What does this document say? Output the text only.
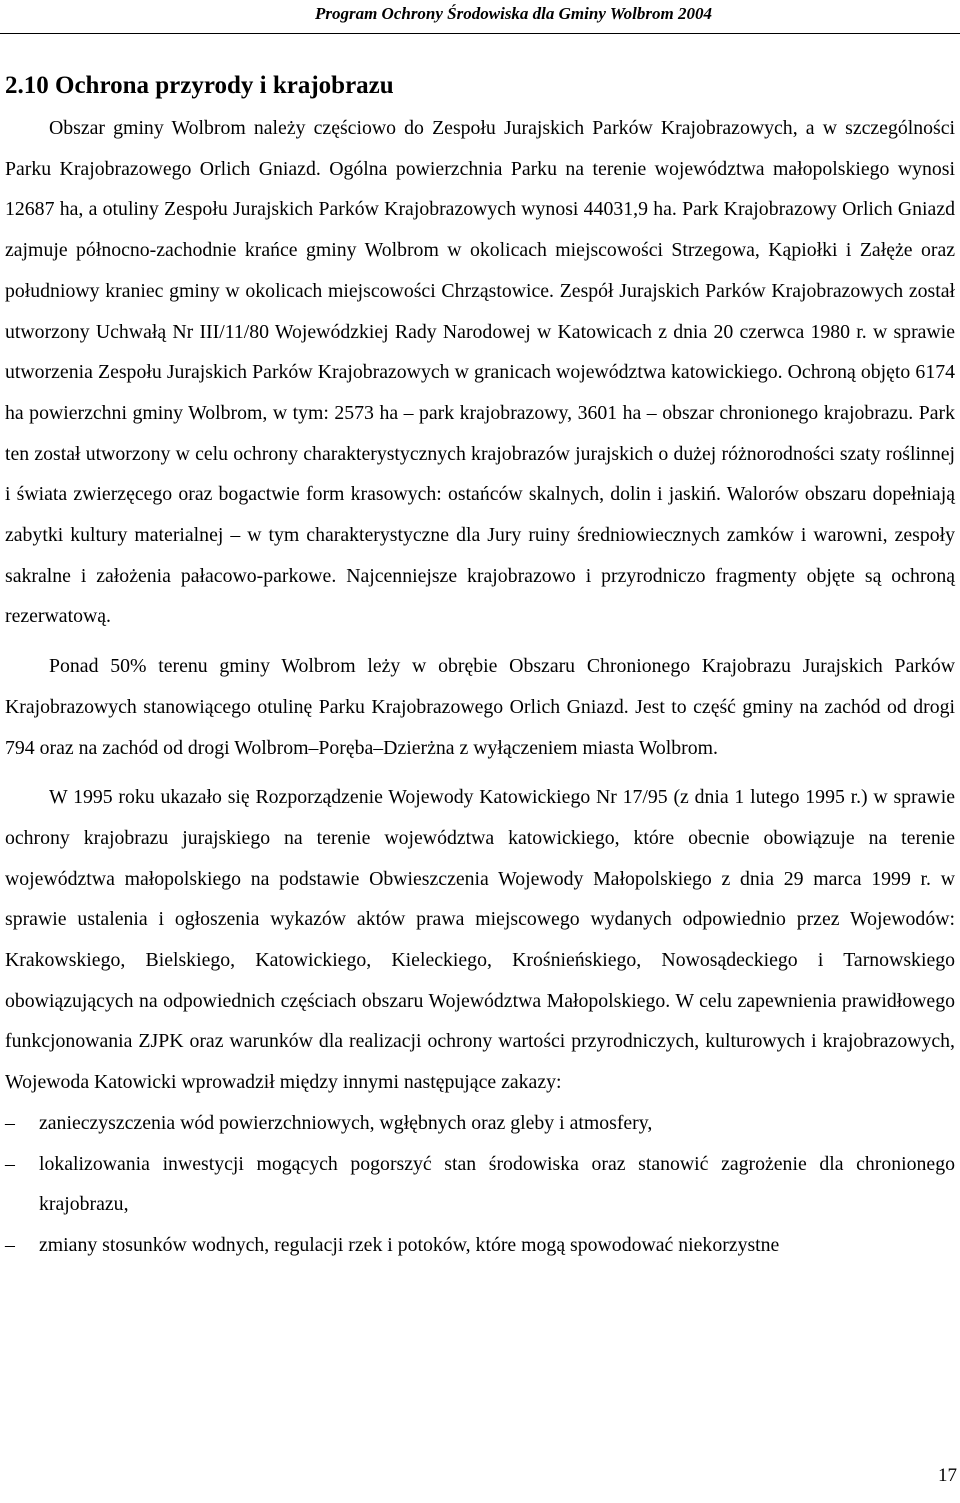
Program Ochrony Środowiska dla Gminy Wolbrom 2004
2.10 Ochrona przyrody i krajobrazu

Obszar gminy Wolbrom należy częściowo do Zespołu Jurajskich Parków Krajobrazowych, a w szczególności Parku Krajobrazowego Orlich Gniazd. Ogólna powierzchnia Parku na terenie województwa małopolskiego wynosi 12687 ha, a otuliny Zespołu Jurajskich Parków Krajobrazowych wynosi 44031,9 ha. Park Krajobrazowy Orlich Gniazd zajmuje północno-zachodnie krańce gminy Wolbrom w okolicach miejscowości Strzegowa, Kąpiołki i Załęże oraz południowy kraniec gminy w okolicach miejscowości Chrząstowice. Zespół Jurajskich Parków Krajobrazowych został utworzony Uchwałą Nr III/11/80 Wojewódzkiej Rady Narodowej w Katowicach z dnia 20 czerwca 1980 r. w sprawie utworzenia Zespołu Jurajskich Parków Krajobrazowych w granicach województwa katowickiego. Ochroną objęto 6174 ha powierzchni gminy Wolbrom, w tym: 2573 ha – park krajobrazowy, 3601 ha – obszar chronionego krajobrazu. Park ten został utworzony w celu ochrony charakterystycznych krajobrazów jurajskich o dużej różnorodności szaty roślinnej i świata zwierzęcego oraz bogactwie form krasowych: ostańców skalnych, dolin i jaskiń. Walorów obszaru dopełniają zabytki kultury materialnej – w tym charakterystyczne dla Jury ruiny średniowiecznych zamków i warowni, zespoły sakralne i założenia pałacowo-parkowe. Najcenniejsze krajobrazowo i przyrodniczo fragmenty objęte są ochroną rezerwatową.

Ponad 50% terenu gminy Wolbrom leży w obrębie Obszaru Chronionego Krajobrazu Jurajskich Parków Krajobrazowych stanowiącego otulinę Parku Krajobrazowego Orlich Gniazd. Jest to część gminy na zachód od drogi 794 oraz na zachód od drogi Wolbrom–Poręba–Dzierżna z wyłączeniem miasta Wolbrom.

W 1995 roku ukazało się Rozporządzenie Wojewody Katowickiego Nr 17/95 (z dnia 1 lutego 1995 r.) w sprawie ochrony krajobrazu jurajskiego na terenie województwa katowickiego, które obecnie obowiązuje na terenie województwa małopolskiego na podstawie Obwieszczenia Wojewody Małopolskiego z dnia 29 marca 1999 r. w sprawie ustalenia i ogłoszenia wykazów aktów prawa miejscowego wydanych odpowiednio przez Wojewodów: Krakowskiego, Bielskiego, Katowickiego, Kieleckiego, Krośnieńskiego, Nowosądeckiego i Tarnowskiego obowiązujących na odpowiednich częściach obszaru Województwa Małopolskiego. W celu zapewnienia prawidłowego funkcjonowania ZJPK oraz warunków dla realizacji ochrony wartości przyrodniczych, kulturowych i krajobrazowych, Wojewoda Katowicki wprowadził między innymi następujące zakazy:

–	zanieczyszczenia wód powierzchniowych, wgłębnych oraz gleby i atmosfery,
–	lokalizowania inwestycji mogących pogorszyć stan środowiska oraz stanowić zagrożenie dla chronionego krajobrazu,
–	zmiany stosunków wodnych, regulacji rzek i potoków, które mogą spowodować niekorzystne
17
